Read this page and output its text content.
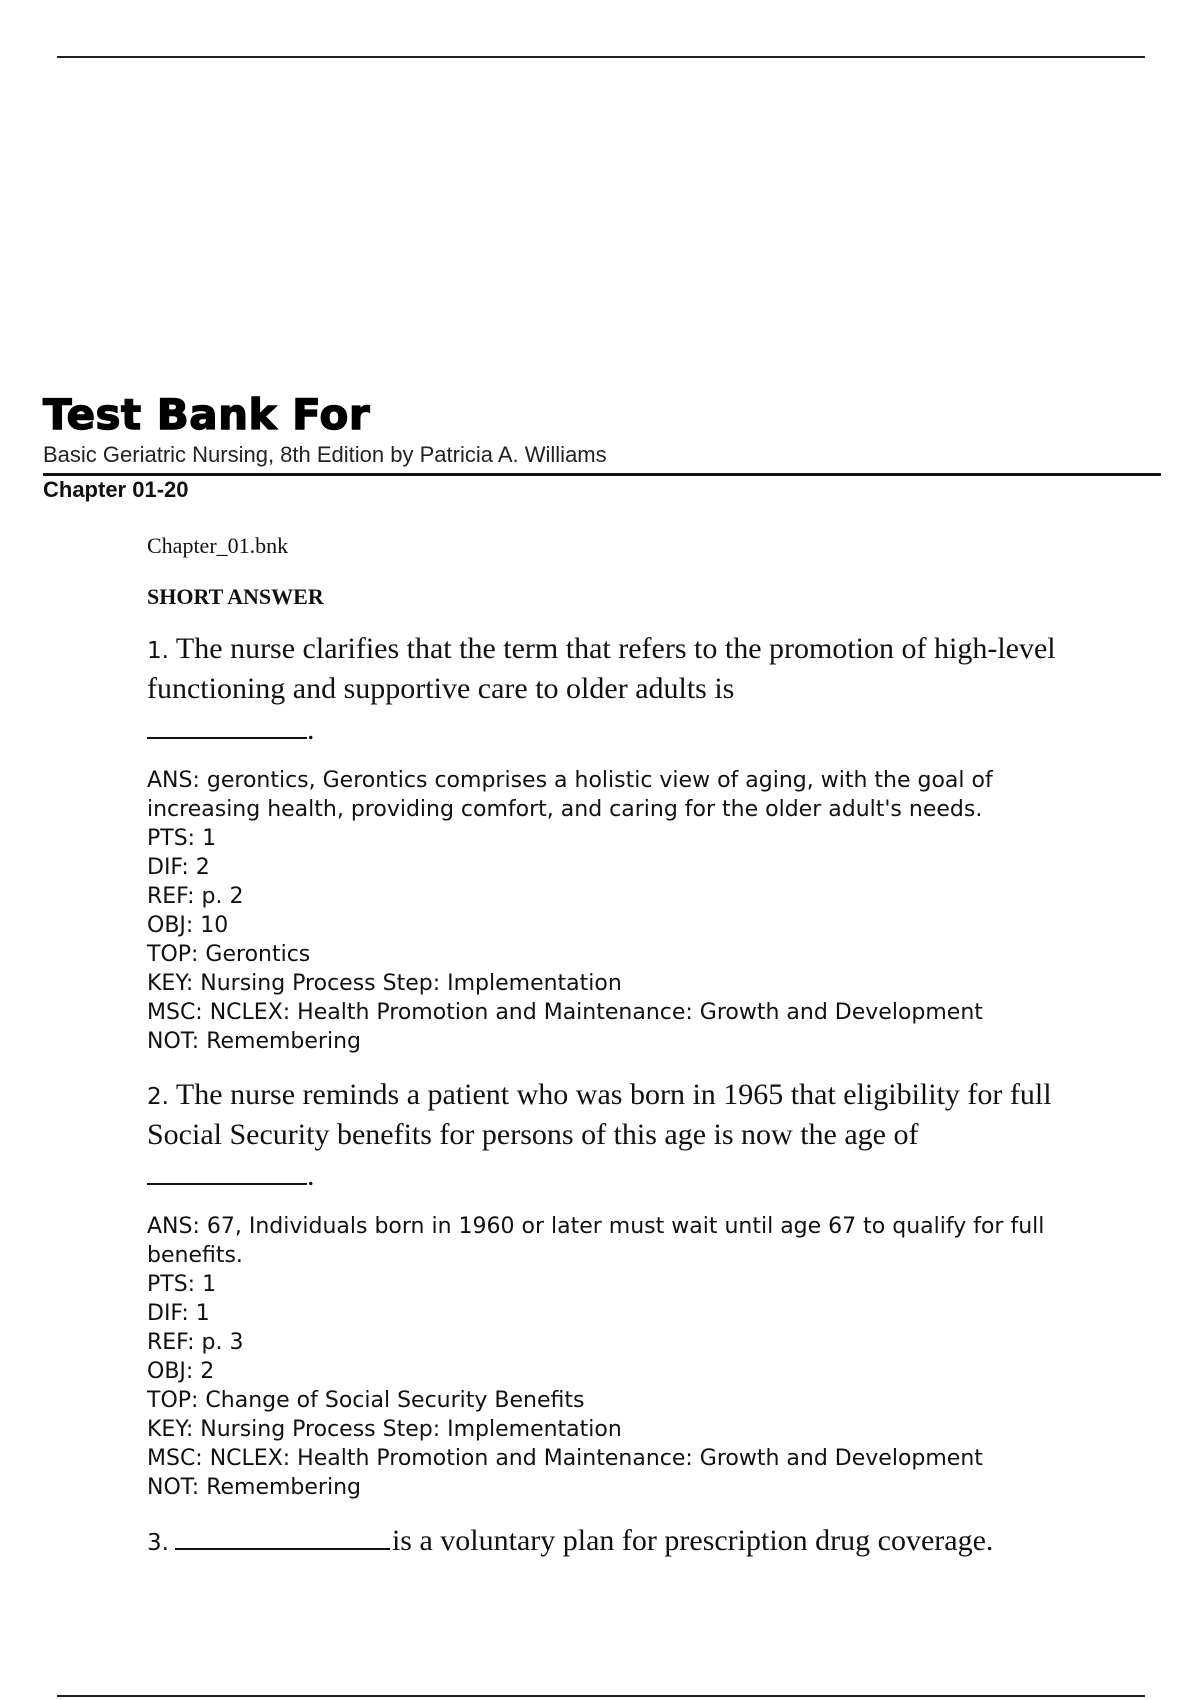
Test Bank For
Basic Geriatric Nursing, 8th Edition by Patricia A. Williams
Chapter 01-20
Chapter_01.bnk
SHORT ANSWER

1. The nurse clarifies that the term that refers to the promotion of high-level functioning and supportive care to older adults is

.
ANS: gerontics, Gerontics comprises a holistic view of aging, with the goal of increasing health, providing comfort, and caring for the older adult's needs.
PTS: 1
DIF: 2
REF: p. 2
OBJ: 10
TOP: Gerontics
KEY: Nursing Process Step: Implementation
MSC: NCLEX: Health Promotion and Maintenance: Growth and Development
NOT: Remembering

2. The nurse reminds a patient who was born in 1965 that eligibility for full Social Security benefits for persons of this age is now the age of

.
ANS: 67, Individuals born in 1960 or later must wait until age 67 to qualify for full benefits.
PTS: 1
DIF: 1
REF: p. 3
OBJ: 2
TOP: Change of Social Security Benefits
KEY: Nursing Process Step: Implementation
MSC: NCLEX: Health Promotion and Maintenance: Growth and Development
NOT: Remembering

3.	is a voluntary plan for prescription drug coverage.
